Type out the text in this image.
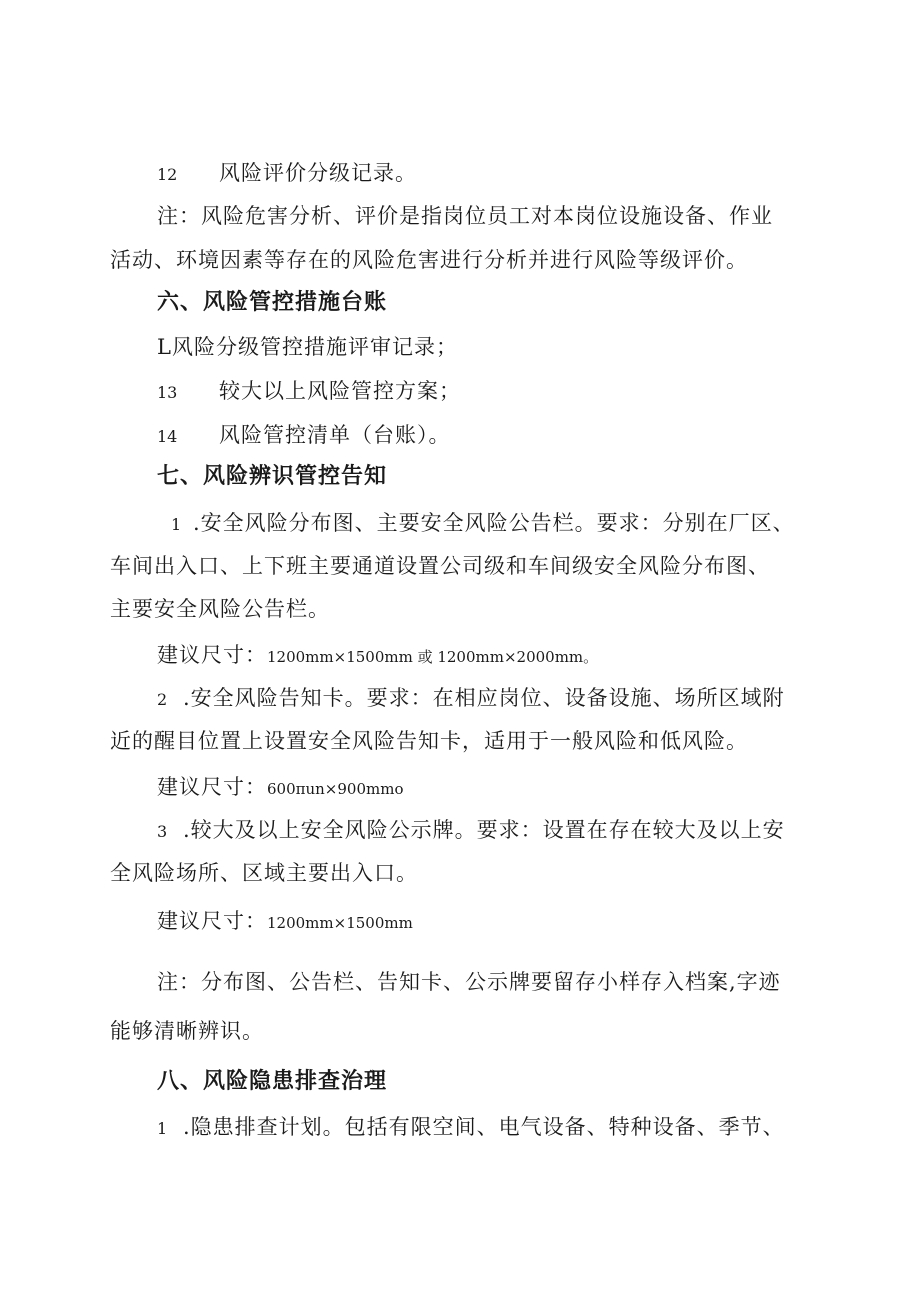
12 风险评价分级记录。
注：风险危害分析、评价是指岗位员工对本岗位设施设备、作业
活动、环境因素等存在的风险危害进行分析并进行风险等级评价。
六、风险管控措施台账
L风险分级管控措施评审记录；
13 较大以上风险管控方案；
14 风险管控清单（台账）。
七、风险辨识管控告知
1 .安全风险分布图、主要安全风险公告栏。要求：分别在厂区、
车间出入口、上下班主要通道设置公司级和车间级安全风险分布图、
主要安全风险公告栏。
建议尺寸：1200mm×1500mm 或 1200mm×2000mm。
2 .安全风险告知卡。要求：在相应岗位、设备设施、场所区域附
近的醒目位置上设置安全风险告知卡，适用于一般风险和低风险。
建议尺寸：600πun×900mmo
3 .较大及以上安全风险公示牌。要求：设置在存在较大及以上安
全风险场所、区域主要出入口。
建议尺寸：1200mm×1500mm
注：分布图、公告栏、告知卡、公示牌要留存小样存入档案,字迹
能够清晰辨识。
八、风险隐患排查治理
1 .隐患排查计划。包括有限空间、电气设备、特种设备、季节、
